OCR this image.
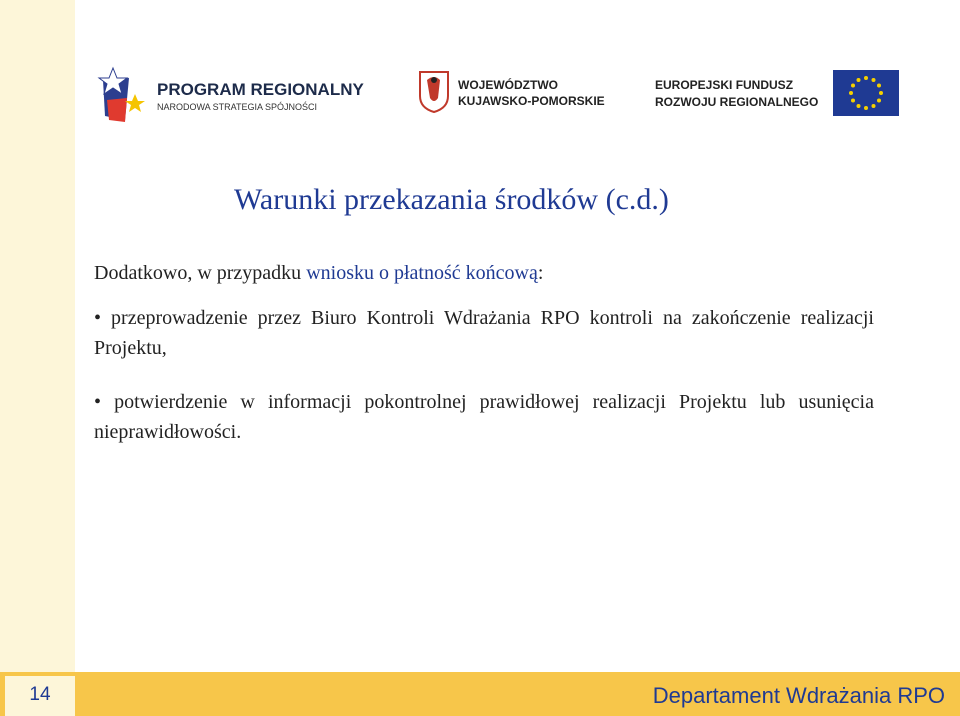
PROGRAM REGIONALNY
NARODOWA STRATEGIA SPÓJNOŚCI
WOJEWÓDZTWO
KUJAWSKO-POMORSKIE
EUROPEJSKI FUNDUSZ
ROZWOJU REGIONALNEGO
Warunki przekazania środków (c.d.)
Dodatkowo, w przypadku wniosku o płatność końcową:
• przeprowadzenie przez Biuro Kontroli Wdrażania RPO kontroli na zakończenie realizacji Projektu,
• potwierdzenie w informacji pokontrolnej prawidłowej realizacji Projektu lub usunięcia nieprawidłowości.
14	Departament Wdrażania RPO
